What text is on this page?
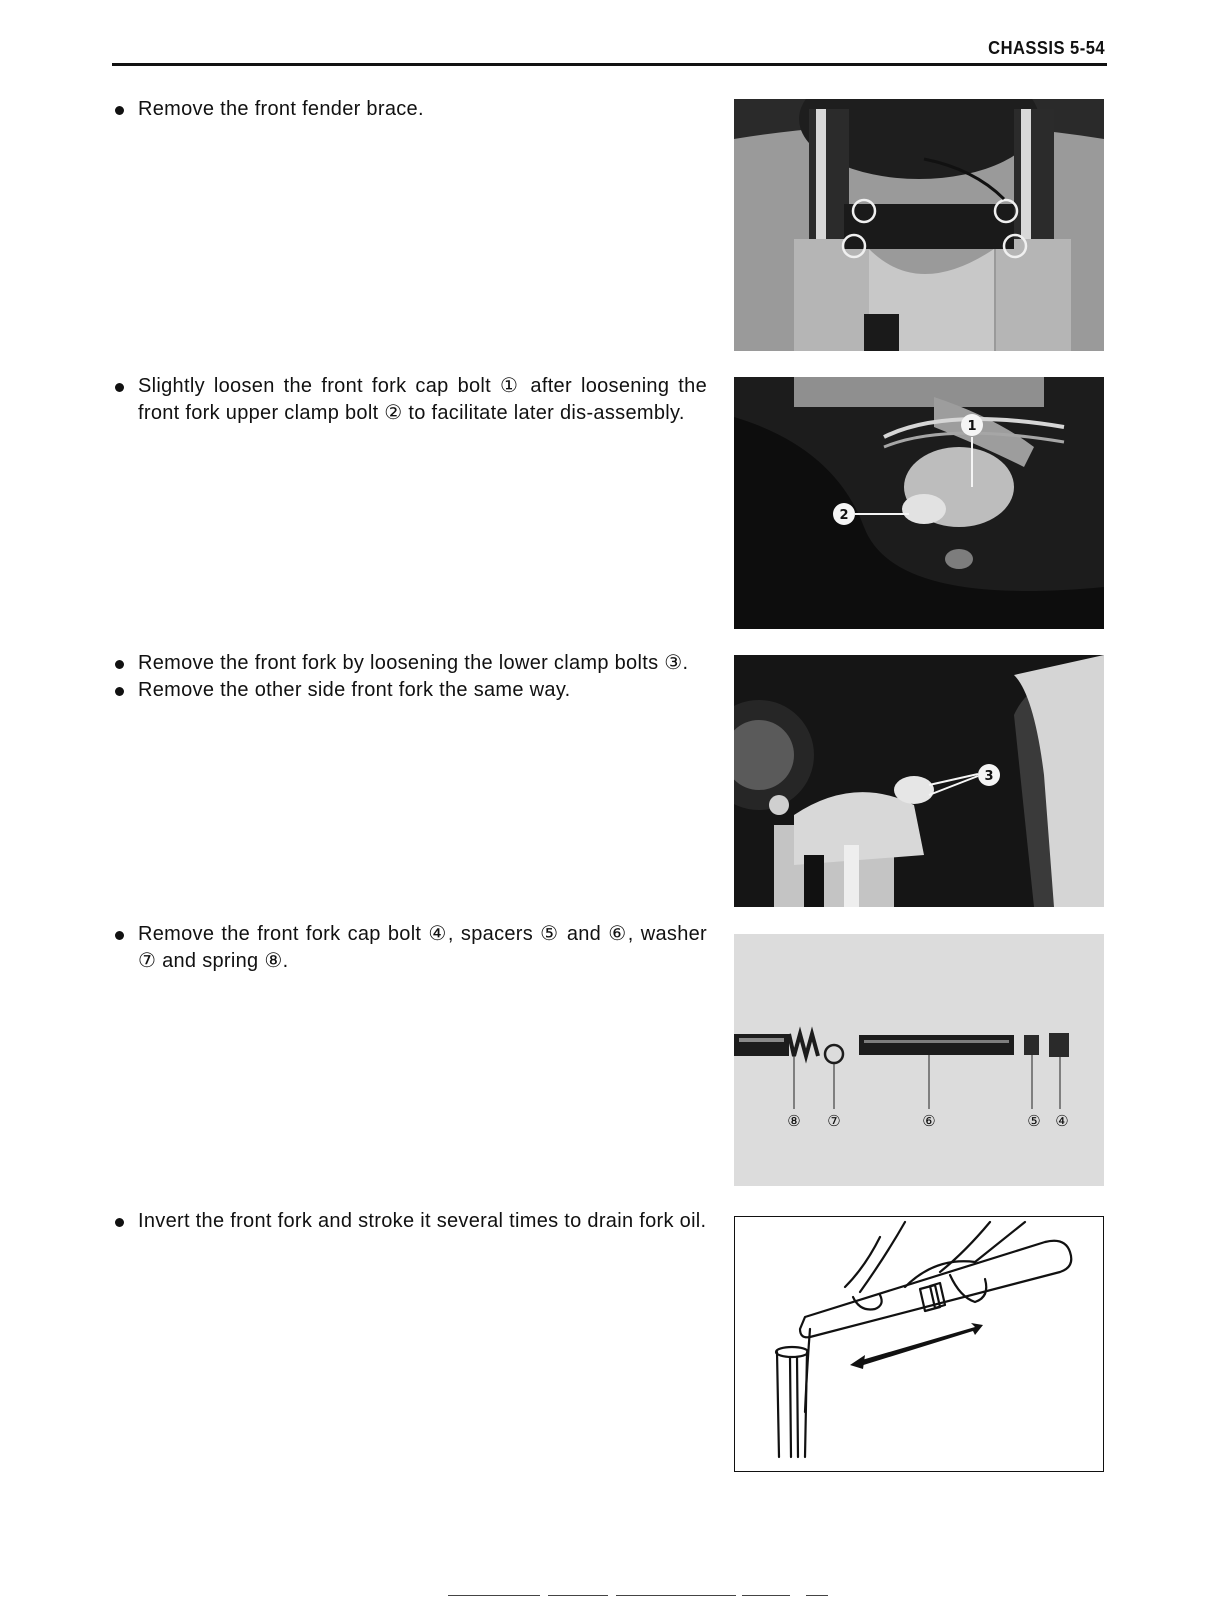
CHASSIS 5-54

Remove the front fender brace.

Slightly loosen the front fork cap bolt ① after loosening the front fork upper clamp bolt ② to facilitate later dis-assembly.

1
2

Remove the front fork by loosening the lower clamp bolts ③.

Remove the other side front fork the same way.

3

Remove the front fork cap bolt ④, spacers ⑤ and ⑥, washer ⑦ and spring ⑧.

⑧ ⑦	⑥	⑤ ④

Invert the front fork and stroke it several times to drain fork oil.
